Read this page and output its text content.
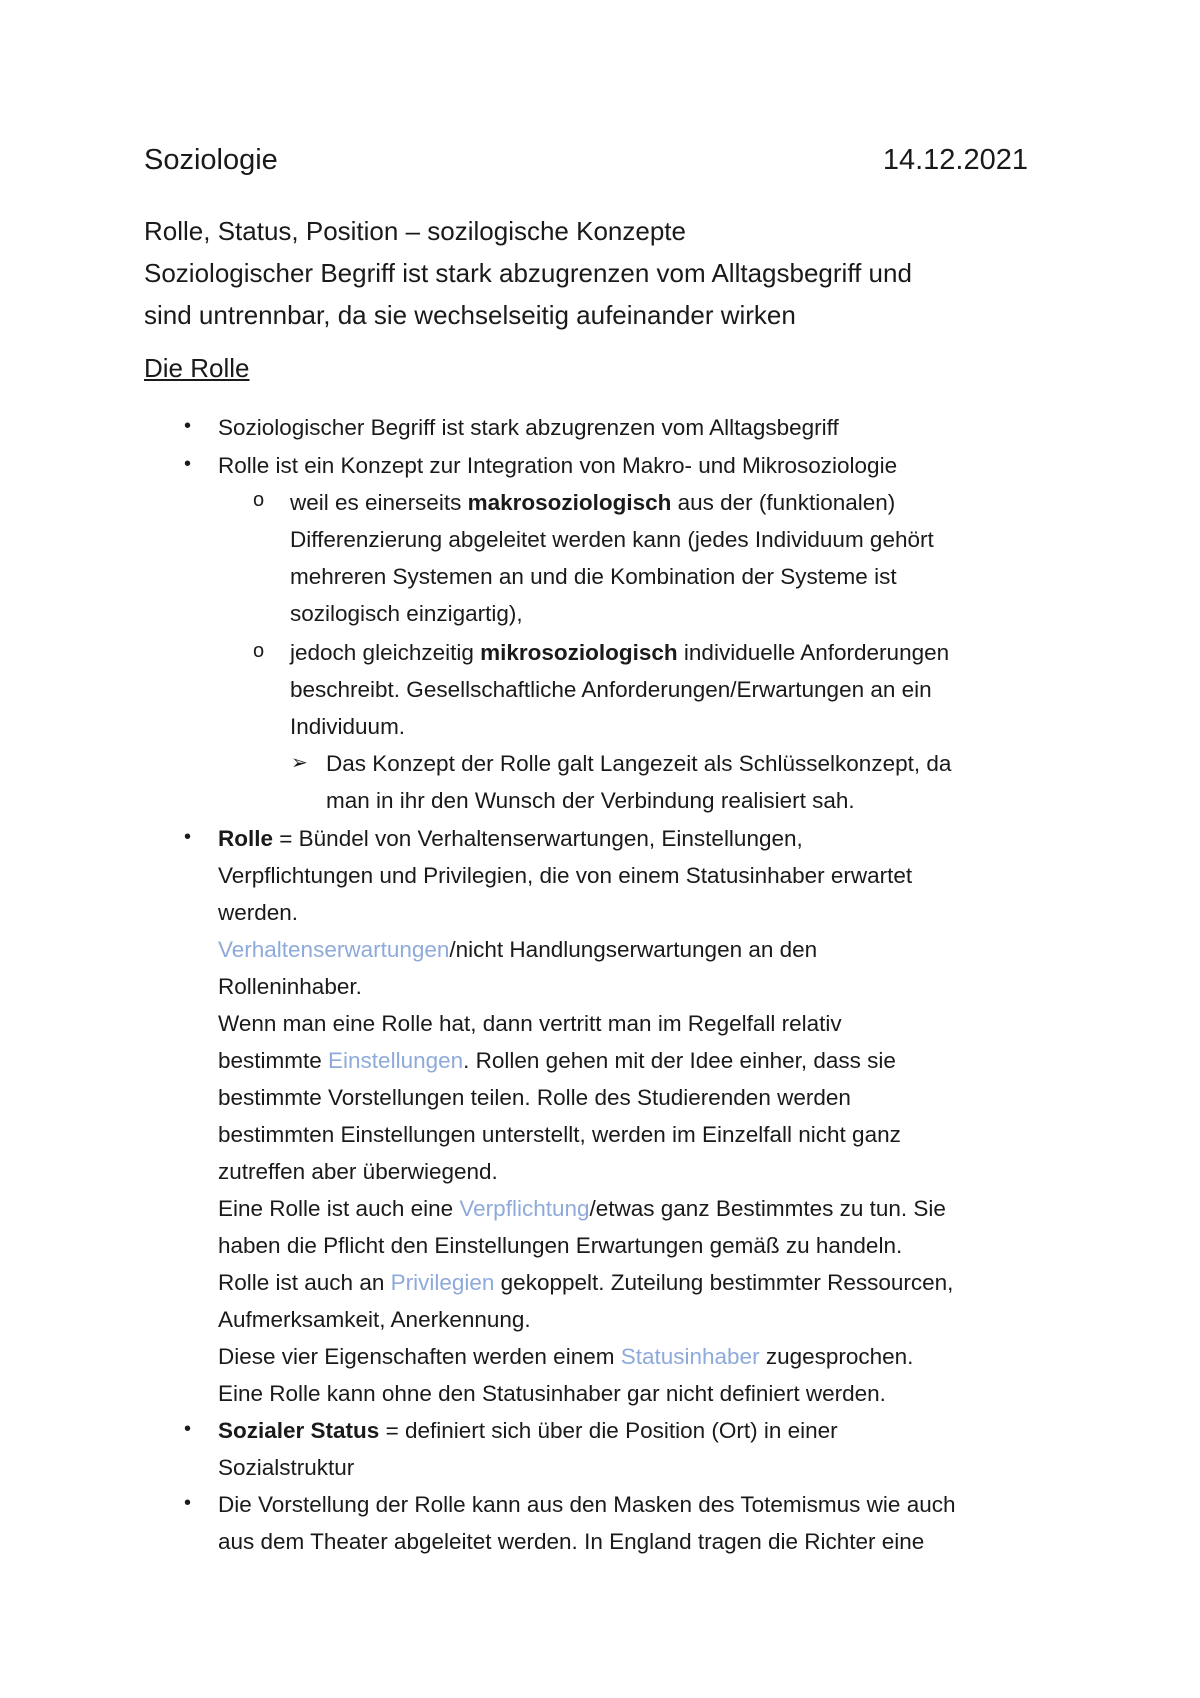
Soziologie	14.12.2021
Rolle, Status, Position – sozilogische Konzepte
Soziologischer Begriff ist stark abzugrenzen vom Alltagsbegriff und
sind untrennbar, da sie wechselseitig aufeinander wirken
Die Rolle
• Soziologischer Begriff ist stark abzugrenzen vom Alltagsbegriff
• Rolle ist ein Konzept zur Integration von Makro- und Mikrosoziologie
o weil es einerseits makrosoziologisch aus der (funktionalen)
Differenzierung abgeleitet werden kann (jedes Individuum gehört
mehreren Systemen an und die Kombination der Systeme ist
sozilogisch einzigartig),
o jedoch gleichzeitig mikrosoziologisch individuelle Anforderungen
beschreibt. Gesellschaftliche Anforderungen/Erwartungen an ein
Individuum.
➢ Das Konzept der Rolle galt Langezeit als Schlüsselkonzept, da
man in ihr den Wunsch der Verbindung realisiert sah.
• Rolle = Bündel von Verhaltenserwartungen, Einstellungen,
Verpflichtungen und Privilegien, die von einem Statusinhaber erwartet
werden.
Verhaltenserwartungen/nicht Handlungserwartungen an den
Rolleninhaber.
Wenn man eine Rolle hat, dann vertritt man im Regelfall relativ
bestimmte Einstellungen. Rollen gehen mit der Idee einher, dass sie
bestimmte Vorstellungen teilen. Rolle des Studierenden werden
bestimmten Einstellungen unterstellt, werden im Einzelfall nicht ganz
zutreffen aber überwiegend.
Eine Rolle ist auch eine Verpflichtung/etwas ganz Bestimmtes zu tun. Sie
haben die Pflicht den Einstellungen Erwartungen gemäß zu handeln.
Rolle ist auch an Privilegien gekoppelt. Zuteilung bestimmter Ressourcen,
Aufmerksamkeit, Anerkennung.
Diese vier Eigenschaften werden einem Statusinhaber zugesprochen.
Eine Rolle kann ohne den Statusinhaber gar nicht definiert werden.
• Sozialer Status = definiert sich über die Position (Ort) in einer
Sozialstruktur
• Die Vorstellung der Rolle kann aus den Masken des Totemismus wie auch
aus dem Theater abgeleitet werden. In England tragen die Richter eine
